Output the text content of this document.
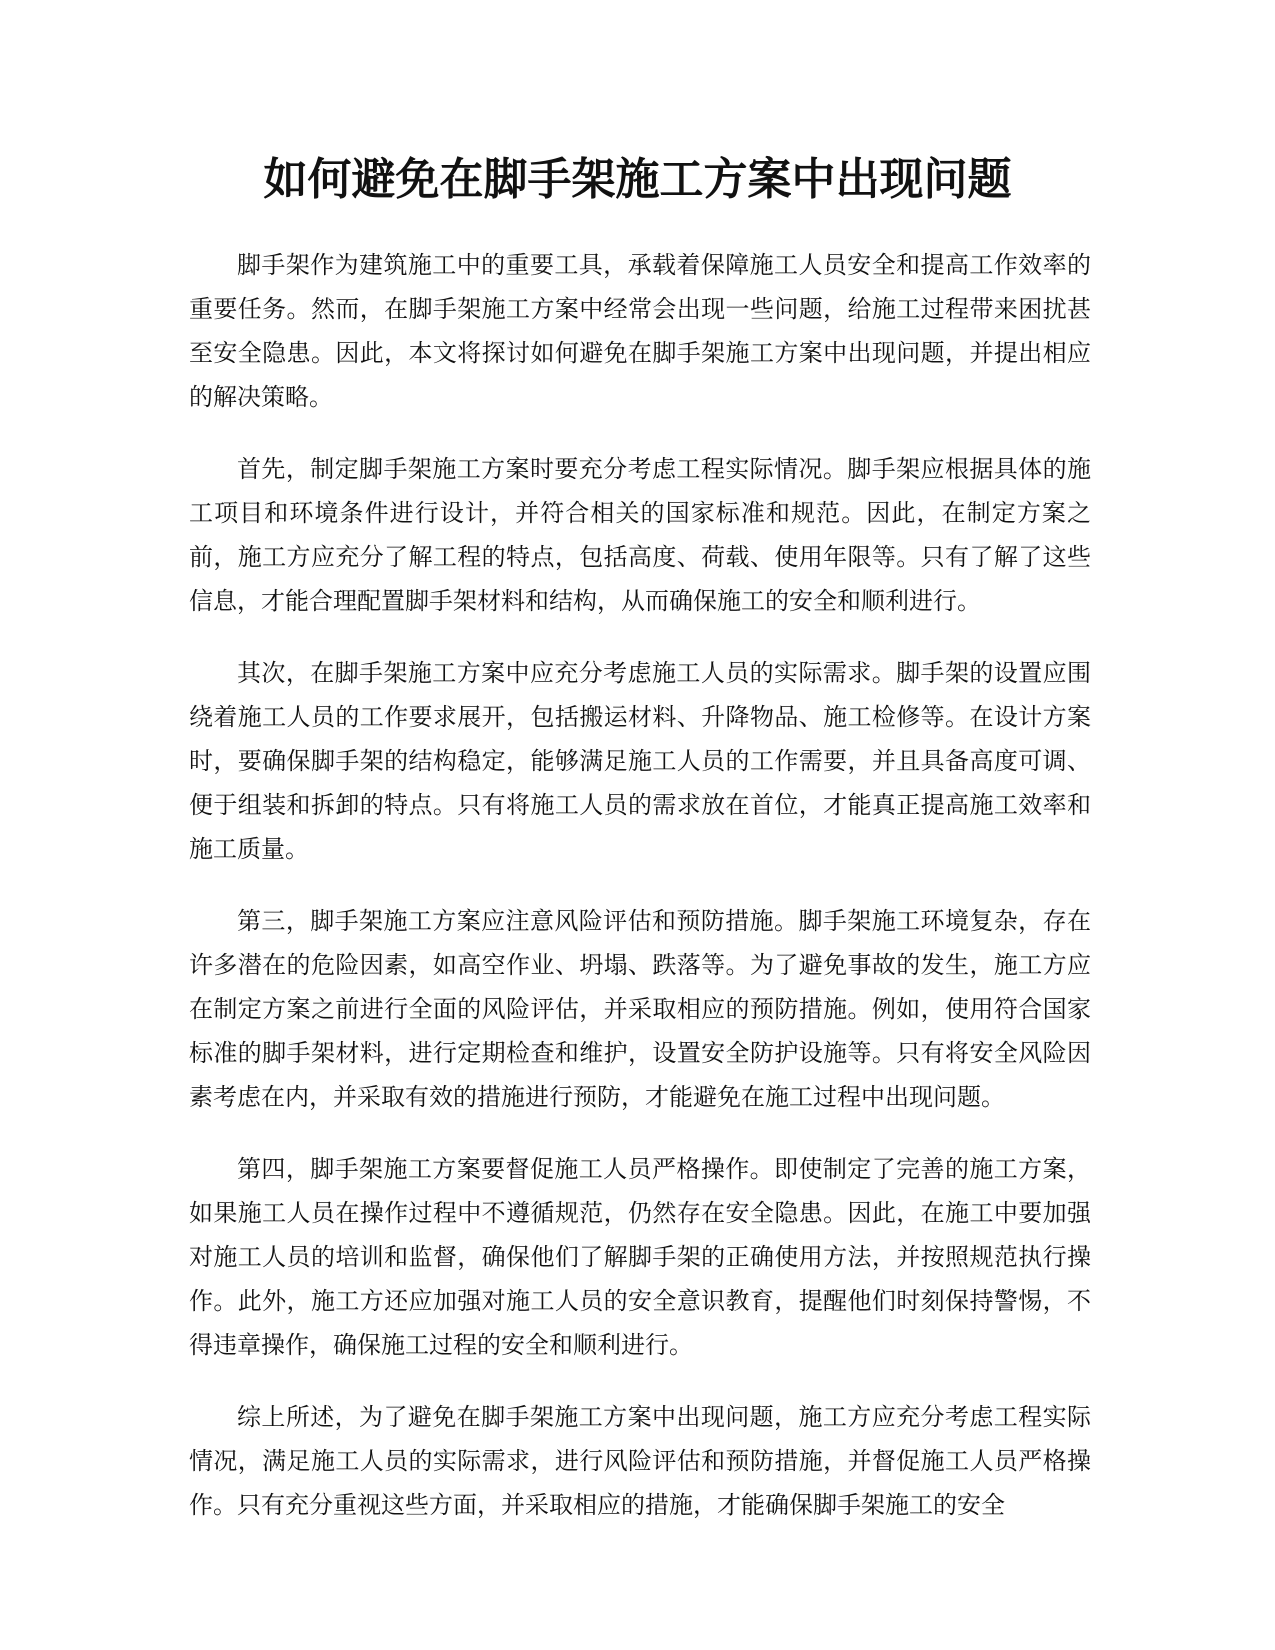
如何避免在脚手架施工方案中出现问题

脚手架作为建筑施工中的重要工具，承载着保障施工人员安全和提高工作效率的重要任务。然而，在脚手架施工方案中经常会出现一些问题，给施工过程带来困扰甚至安全隐患。因此，本文将探讨如何避免在脚手架施工方案中出现问题，并提出相应的解决策略。

首先，制定脚手架施工方案时要充分考虑工程实际情况。脚手架应根据具体的施工项目和环境条件进行设计，并符合相关的国家标准和规范。因此，在制定方案之前，施工方应充分了解工程的特点，包括高度、荷载、使用年限等。只有了解了这些信息，才能合理配置脚手架材料和结构，从而确保施工的安全和顺利进行。

其次，在脚手架施工方案中应充分考虑施工人员的实际需求。脚手架的设置应围绕着施工人员的工作要求展开，包括搬运材料、升降物品、施工检修等。在设计方案时，要确保脚手架的结构稳定，能够满足施工人员的工作需要，并且具备高度可调、便于组装和拆卸的特点。只有将施工人员的需求放在首位，才能真正提高施工效率和施工质量。

第三，脚手架施工方案应注意风险评估和预防措施。脚手架施工环境复杂，存在许多潜在的危险因素，如高空作业、坍塌、跌落等。为了避免事故的发生，施工方应在制定方案之前进行全面的风险评估，并采取相应的预防措施。例如，使用符合国家标准的脚手架材料，进行定期检查和维护，设置安全防护设施等。只有将安全风险因素考虑在内，并采取有效的措施进行预防，才能避免在施工过程中出现问题。

第四，脚手架施工方案要督促施工人员严格操作。即使制定了完善的施工方案，如果施工人员在操作过程中不遵循规范，仍然存在安全隐患。因此，在施工中要加强对施工人员的培训和监督，确保他们了解脚手架的正确使用方法，并按照规范执行操作。此外，施工方还应加强对施工人员的安全意识教育，提醒他们时刻保持警惕，不得违章操作，确保施工过程的安全和顺利进行。

综上所述，为了避免在脚手架施工方案中出现问题，施工方应充分考虑工程实际情况，满足施工人员的实际需求，进行风险评估和预防措施，并督促施工人员严格操作。只有充分重视这些方面，并采取相应的措施，才能确保脚手架施工的安全
